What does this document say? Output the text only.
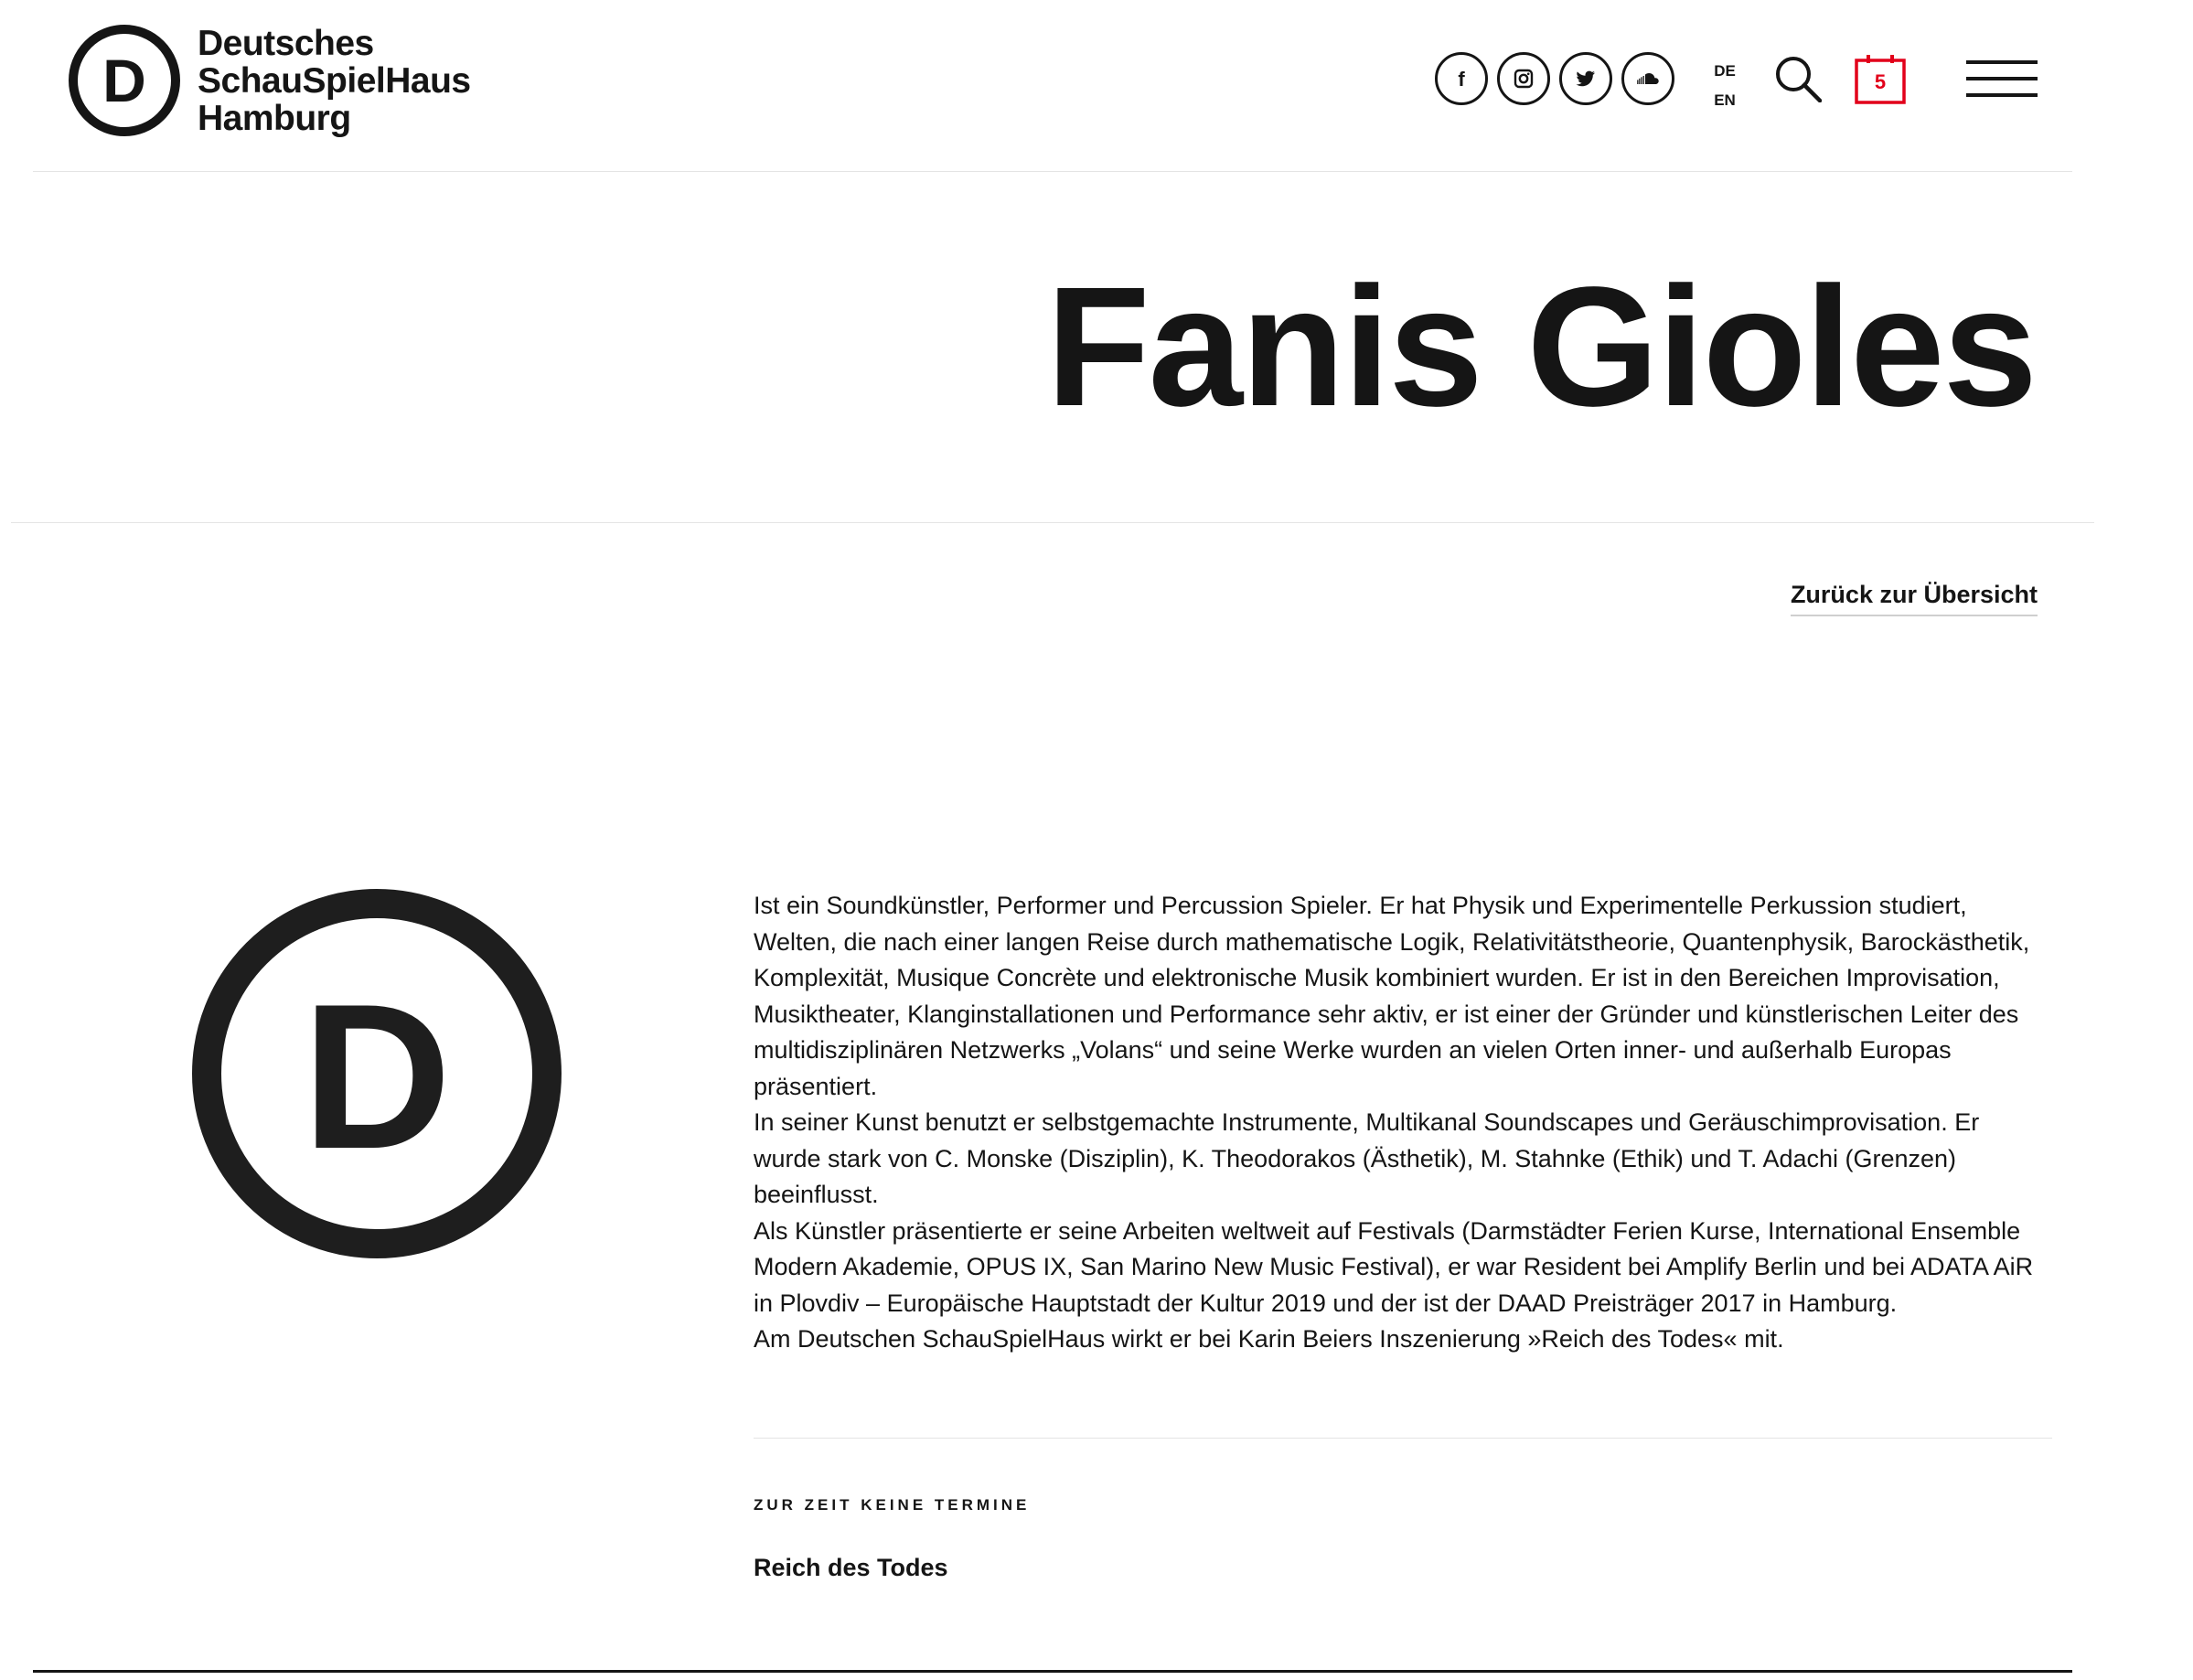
D
Deutsches
SchauSpielHaus
Hamburg
f	DE
EN
5
Fanis Gioles
Zurück zur Übersicht
D

Ist ein Soundkünstler, Performer und Percussion Spieler. Er hat Physik und Experimentelle Perkussion studiert, Welten, die nach einer langen Reise durch mathematische Logik, Relativitätstheorie, Quantenphysik, Barockästhetik, Komplexität, Musique Concrète und elektronische Musik kombiniert wurden. Er ist in den Bereichen Improvisation, Musiktheater, Klanginstallationen und Performance sehr aktiv, er ist einer der Gründer und künstlerischen Leiter des multidisziplinären Netzwerks „Volans“ und seine Werke wurden an vielen Orten inner- und außerhalb Europas präsentiert.

In seiner Kunst benutzt er selbstgemachte Instrumente, Multikanal Soundscapes und Geräuschimprovisation. Er wurde stark von C. Monske (Disziplin), K. Theodorakos (Ästhetik), M. Stahnke (Ethik) und T. Adachi (Grenzen) beeinflusst.

Als Künstler präsentierte er seine Arbeiten weltweit auf Festivals (Darmstädter Ferien Kurse, International Ensemble Modern Akademie, OPUS IX, San Marino New Music Festival), er war Resident bei Amplify Berlin und bei ADATA AiR in Plovdiv – Europäische Hauptstadt der Kultur 2019 und der ist der DAAD Preisträger 2017 in Hamburg.

Am Deutschen SchauSpielHaus wirkt er bei Karin Beiers Inszenierung »Reich des Todes« mit.

ZUR ZEIT KEINE TERMINE
Reich des Todes
